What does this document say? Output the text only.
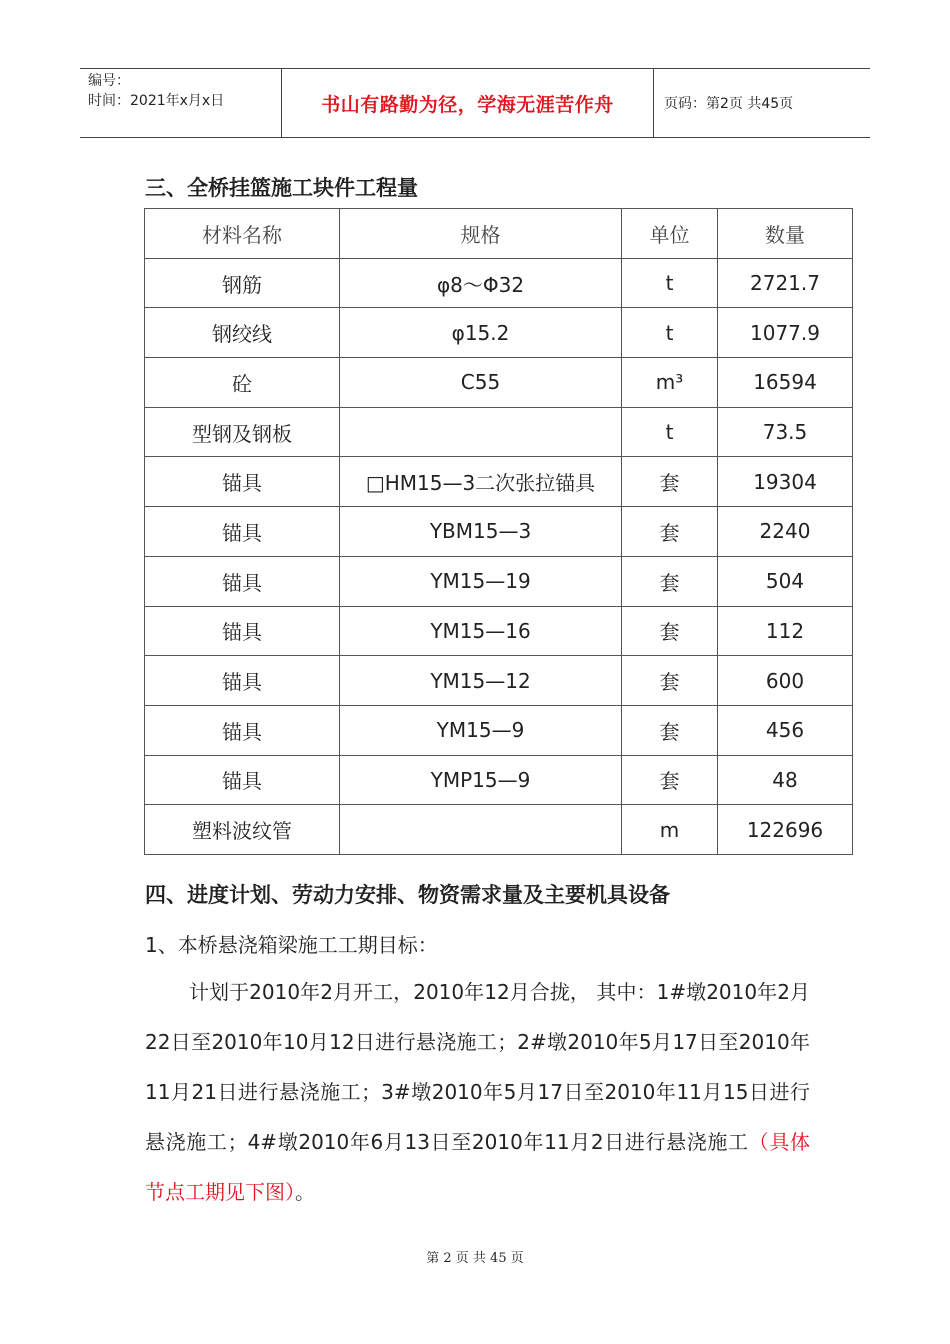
编号：
时间：2021年x月x日	书山有路勤为径，学海无涯苦作舟	页码：第2页 共45页
三、全桥挂篮施工块件工程量
材料名称	规格	单位	数量
钢筋	φ8～Φ32	t	2721.7
钢绞线	φ15.2	t	1077.9
砼	C55	m³	16594
型钢及钢板		t	73.5
锚具	□HM15—3二次张拉锚具	套	19304
锚具	YBM15—3	套	2240
锚具	YM15—19	套	504
锚具	YM15—16	套	112
锚具	YM15—12	套	600
锚具	YM15—9	套	456
锚具	YMP15—9	套	48
塑料波纹管		m	122696
四、进度计划、劳动力安排、物资需求量及主要机具设备
1、本桥悬浇箱梁施工工期目标：
计划于2010年2月开工，2010年12月合拢， 其中：1#墩2010年2月22日至2010年10月12日进行悬浇施工；2#墩2010年5月17日至2010年11月21日进行悬浇施工；3#墩2010年5月17日至2010年11月15日进行悬浇施工；4#墩2010年6月13日至2010年11月2日进行悬浇施工（具体节点工期见下图）。
第 2 页 共 45 页
